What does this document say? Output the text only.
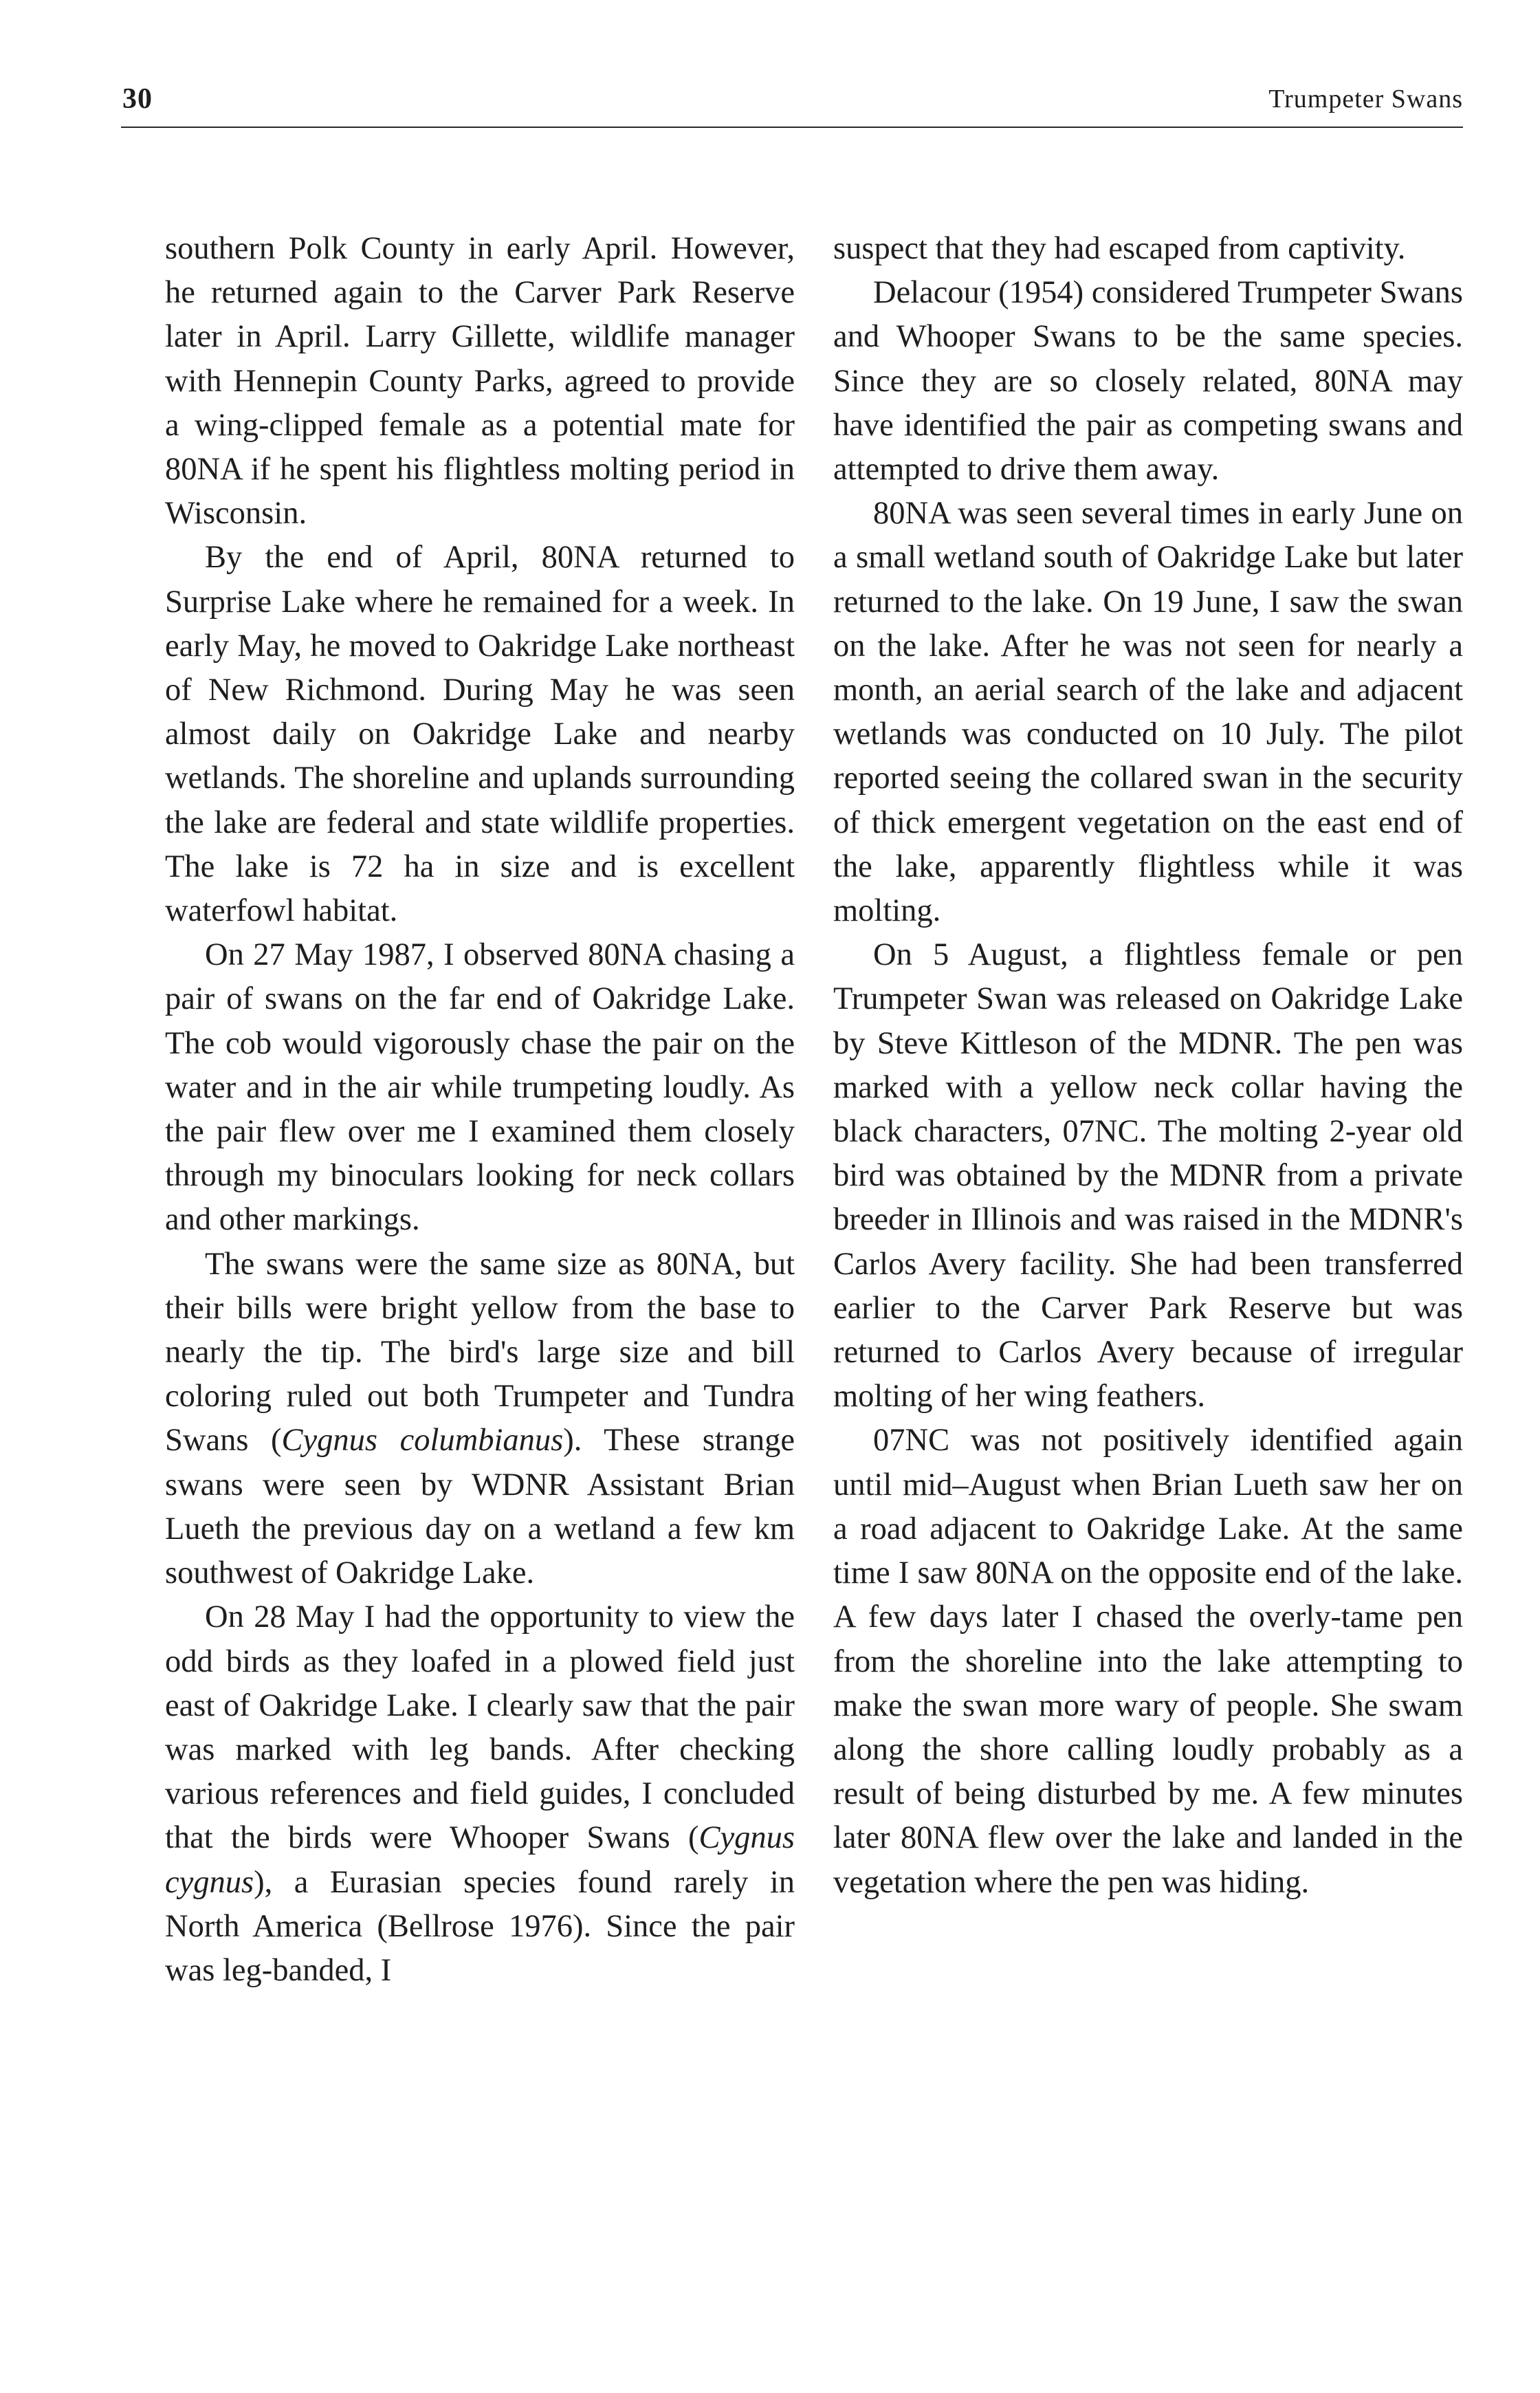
30	Trumpeter Swans

southern Polk County in early April. However, he returned again to the Carver Park Reserve later in April. Larry Gillette, wildlife manager with Hennepin County Parks, agreed to provide a wing-clipped female as a potential mate for 80NA if he spent his flightless molting period in Wisconsin.

By the end of April, 80NA returned to Surprise Lake where he remained for a week. In early May, he moved to Oakridge Lake northeast of New Richmond. During May he was seen almost daily on Oakridge Lake and nearby wetlands. The shoreline and uplands surrounding the lake are federal and state wildlife properties. The lake is 72 ha in size and is excellent waterfowl habitat.

On 27 May 1987, I observed 80NA chasing a pair of swans on the far end of Oakridge Lake. The cob would vigorously chase the pair on the water and in the air while trumpeting loudly. As the pair flew over me I examined them closely through my binoculars looking for neck collars and other markings.

The swans were the same size as 80NA, but their bills were bright yellow from the base to nearly the tip. The bird's large size and bill coloring ruled out both Trumpeter and Tundra Swans (Cygnus columbianus). These strange swans were seen by WDNR Assistant Brian Lueth the previous day on a wetland a few km southwest of Oakridge Lake.

On 28 May I had the opportunity to view the odd birds as they loafed in a plowed field just east of Oakridge Lake. I clearly saw that the pair was marked with leg bands. After checking various references and field guides, I concluded that the birds were Whooper Swans (Cygnus cygnus), a Eurasian species found rarely in North America (Bellrose 1976). Since the pair was leg-banded, I

suspect that they had escaped from captivity.

Delacour (1954) considered Trumpeter Swans and Whooper Swans to be the same species. Since they are so closely related, 80NA may have identified the pair as competing swans and attempted to drive them away.

80NA was seen several times in early June on a small wetland south of Oakridge Lake but later returned to the lake. On 19 June, I saw the swan on the lake. After he was not seen for nearly a month, an aerial search of the lake and adjacent wetlands was conducted on 10 July. The pilot reported seeing the collared swan in the security of thick emergent vegetation on the east end of the lake, apparently flightless while it was molting.

On 5 August, a flightless female or pen Trumpeter Swan was released on Oakridge Lake by Steve Kittleson of the MDNR. The pen was marked with a yellow neck collar having the black characters, 07NC. The molting 2-year old bird was obtained by the MDNR from a private breeder in Illinois and was raised in the MDNR's Carlos Avery facility. She had been transferred earlier to the Carver Park Reserve but was returned to Carlos Avery because of irregular molting of her wing feathers.

07NC was not positively identified again until mid–August when Brian Lueth saw her on a road adjacent to Oakridge Lake. At the same time I saw 80NA on the opposite end of the lake. A few days later I chased the overly-tame pen from the shoreline into the lake attempting to make the swan more wary of people. She swam along the shore calling loudly probably as a result of being disturbed by me. A few minutes later 80NA flew over the lake and landed in the vegetation where the pen was hiding.
